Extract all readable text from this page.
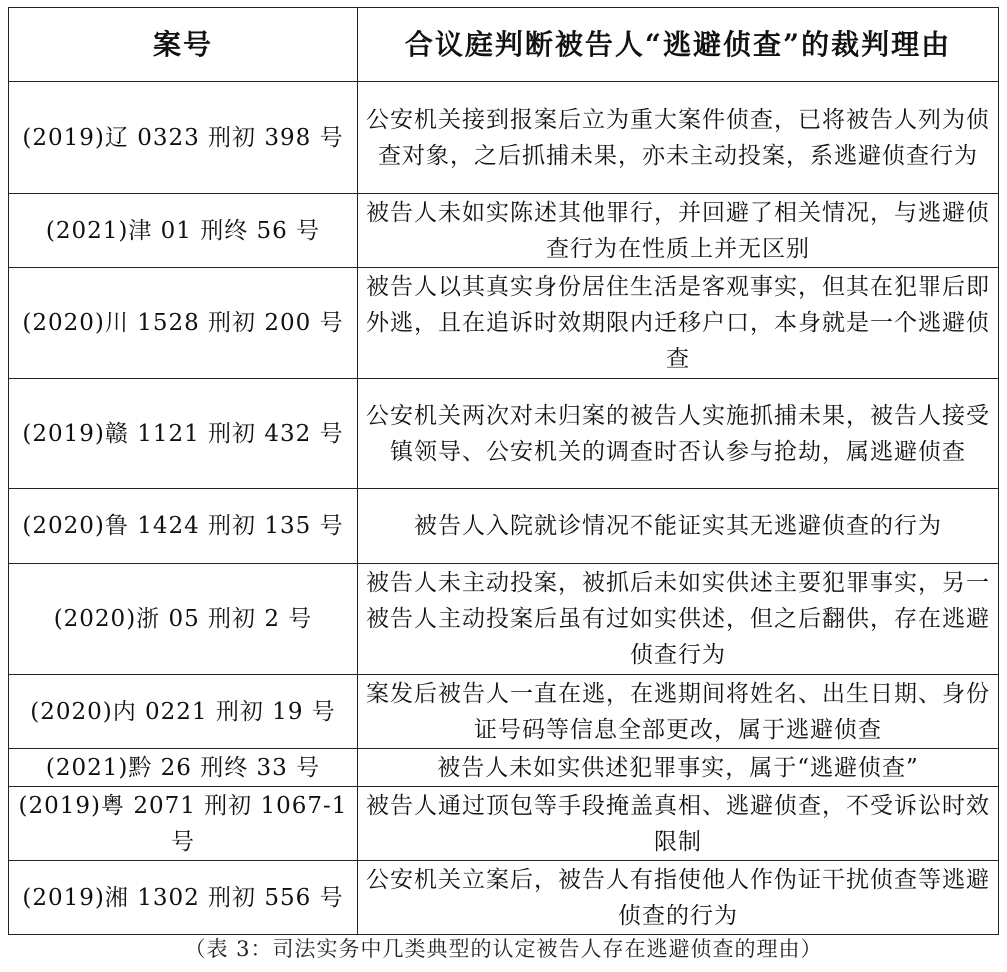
案号	合议庭判断被告人“逃避侦查”的裁判理由
(2019)辽 0323 刑初 398 号	公安机关接到报案后立为重大案件侦查，已将被告人列为侦查对象，之后抓捕未果，亦未主动投案，系逃避侦查行为
(2021)津 01 刑终 56 号	被告人未如实陈述其他罪行，并回避了相关情况，与逃避侦查行为在性质上并无区别
(2020)川 1528 刑初 200 号	被告人以其真实身份居住生活是客观事实，但其在犯罪后即外逃，且在追诉时效期限内迁移户口，本身就是一个逃避侦查
(2019)赣 1121 刑初 432 号	公安机关两次对未归案的被告人实施抓捕未果，被告人接受镇领导、公安机关的调查时否认参与抢劫，属逃避侦查
(2020)鲁 1424 刑初 135 号	被告人入院就诊情况不能证实其无逃避侦查的行为
(2020)浙 05 刑初 2 号	被告人未主动投案，被抓后未如实供述主要犯罪事实，另一被告人主动投案后虽有过如实供述，但之后翻供，存在逃避侦查行为
(2020)内 0221 刑初 19 号	案发后被告人一直在逃，在逃期间将姓名、出生日期、身份证号码等信息全部更改，属于逃避侦查
(2021)黔 26 刑终 33 号	被告人未如实供述犯罪事实，属于“逃避侦查”
(2019)粤 2071 刑初 1067-1 号	被告人通过顶包等手段掩盖真相、逃避侦查，不受诉讼时效限制
(2019)湘 1302 刑初 556 号	公安机关立案后，被告人有指使他人作伪证干扰侦查等逃避侦查的行为
（表 3：司法实务中几类典型的认定被告人存在逃避侦查的理由）
